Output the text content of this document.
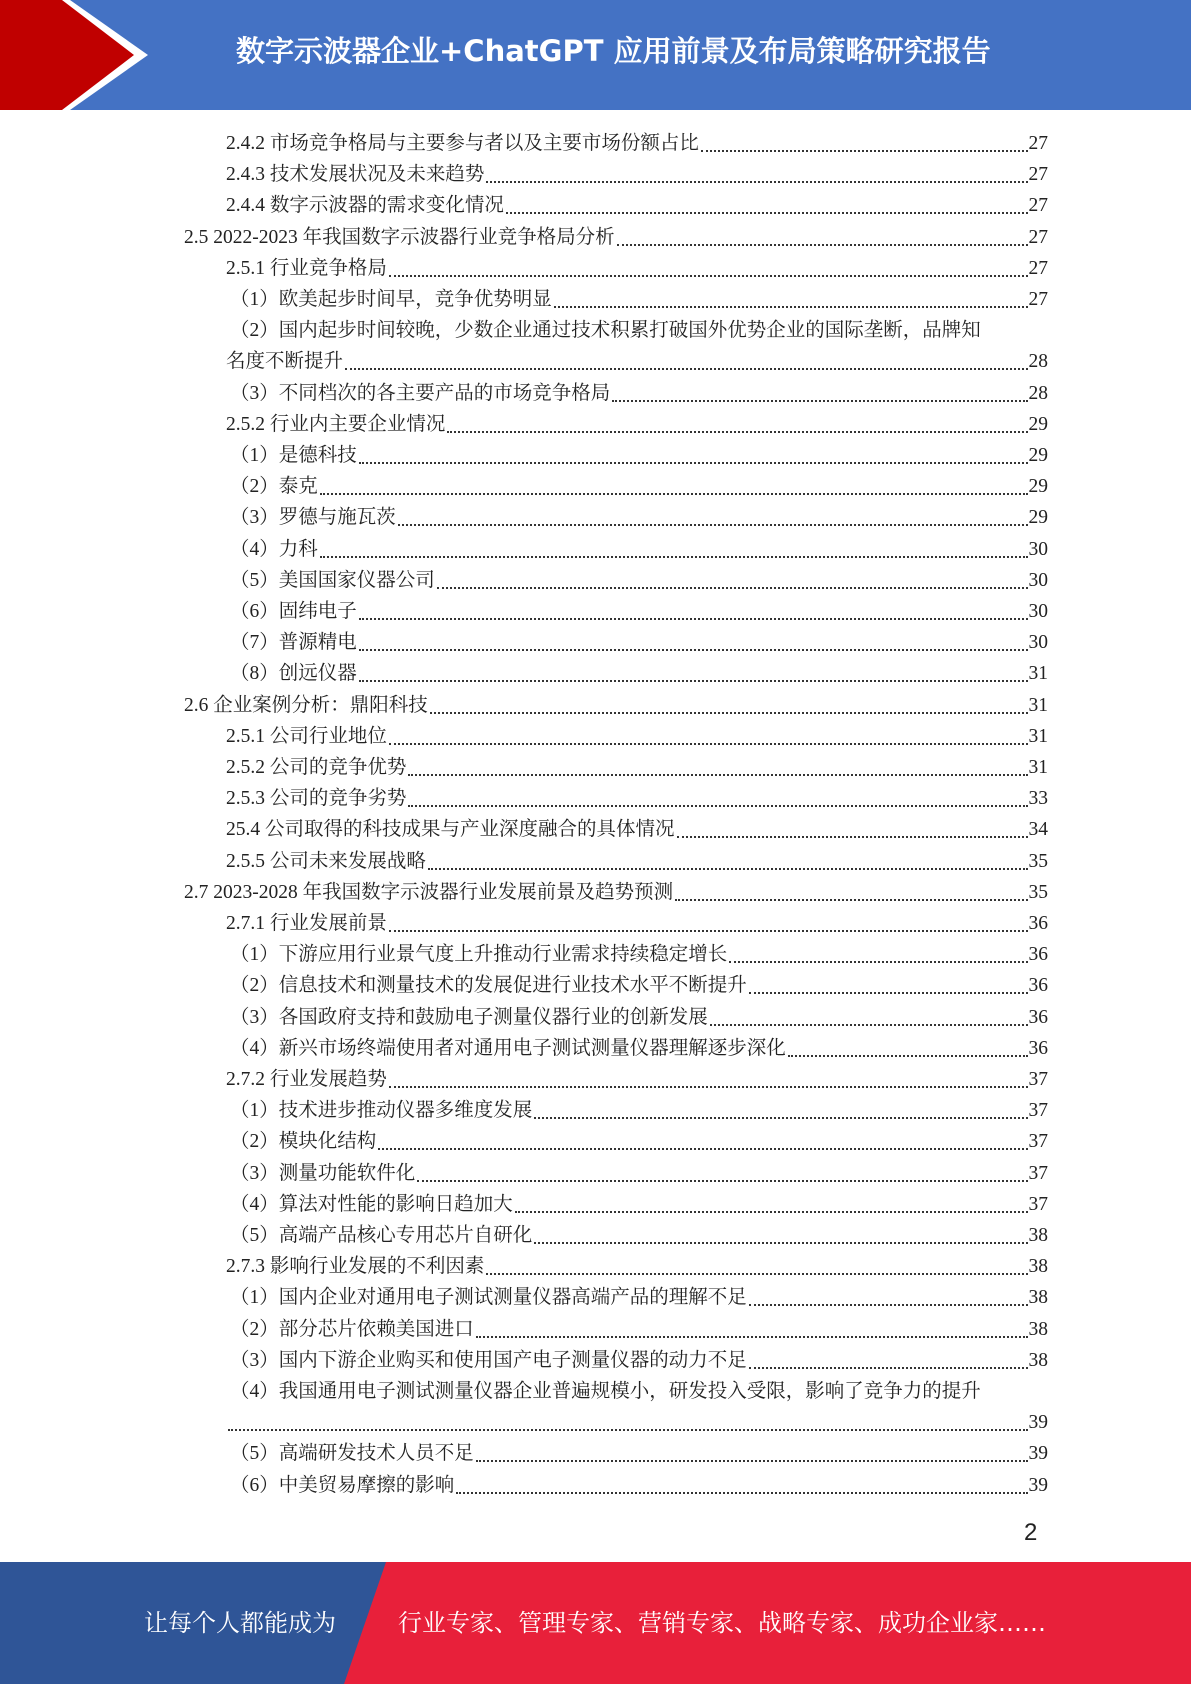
数字示波器企业+ChatGPT 应用前景及布局策略研究报告
2.4.2 市场竞争格局与主要参与者以及主要市场份额占比	27
2.4.3 技术发展状况及未来趋势	27
2.4.4 数字示波器的需求变化情况	27
2.5 2022-2023 年我国数字示波器行业竞争格局分析	27
2.5.1 行业竞争格局	27
（1）欧美起步时间早，竞争优势明显	27
（2）国内起步时间较晚，少数企业通过技术积累打破国外优势企业的国际垄断，品牌知
名度不断提升	28
（3）不同档次的各主要产品的市场竞争格局	28
2.5.2 行业内主要企业情况	29
（1）是德科技	29
（2）泰克	29
（3）罗德与施瓦茨	29
（4）力科	30
（5）美国国家仪器公司	30
（6）固纬电子	30
（7）普源精电	30
（8）创远仪器	31
2.6 企业案例分析：鼎阳科技	31
2.5.1 公司行业地位	31
2.5.2 公司的竞争优势	31
2.5.3 公司的竞争劣势	33
25.4 公司取得的科技成果与产业深度融合的具体情况	34
2.5.5 公司未来发展战略	35
2.7 2023-2028 年我国数字示波器行业发展前景及趋势预测	35
2.7.1 行业发展前景	36
（1）下游应用行业景气度上升推动行业需求持续稳定增长	36
（2）信息技术和测量技术的发展促进行业技术水平不断提升	36
（3）各国政府支持和鼓励电子测量仪器行业的创新发展	36
（4）新兴市场终端使用者对通用电子测试测量仪器理解逐步深化	36
2.7.2 行业发展趋势	37
（1）技术进步推动仪器多维度发展	37
（2）模块化结构	37
（3）测量功能软件化	37
（4）算法对性能的影响日趋加大	37
（5）高端产品核心专用芯片自研化	38
2.7.3 影响行业发展的不利因素	38
（1）国内企业对通用电子测试测量仪器高端产品的理解不足	38
（2）部分芯片依赖美国进口	38
（3）国内下游企业购买和使用国产电子测量仪器的动力不足	38
（4）我国通用电子测试测量仪器企业普遍规模小，研发投入受限，影响了竞争力的提升
39
（5）高端研发技术人员不足	39
（6）中美贸易摩擦的影响	39
2
让每个人都能成为	行业专家、管理专家、营销专家、战略专家、成功企业家……
